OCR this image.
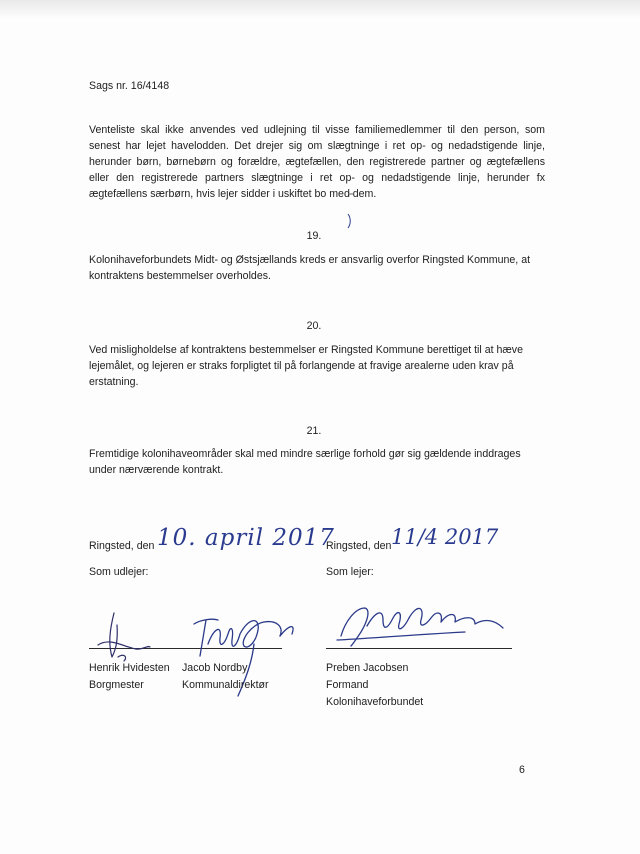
Sags nr. 16/4148

Venteliste skal ikke anvendes ved udlejning til visse familiemedlemmer til den person, som senest har lejet havelodden. Det drejer sig om slægtninge i ret op- og nedadstigende linje, herunder børn, børnebørn og forældre, ægtefællen, den registrerede partner og ægtefællens eller den registrerede partners slægtninge i ret op- og nedadstigende linje, herunder fx ægtefællens særbørn, hvis lejer sidder i uskiftet bo med dem.

19.

Kolonihaveforbundets Midt- og Østsjællands kreds er ansvarlig overfor Ringsted Kommune, at kontraktens bestemmelser overholdes.

20.

Ved misligholdelse af kontraktens bestemmelser er Ringsted Kommune berettiget til at hæve lejemålet, og lejeren er straks forpligtet til på forlangende at fravige arealerne uden krav på erstatning.

21.

Fremtidige kolonihaveområder skal med mindre særlige forhold gør sig gældende inddrages under nærværende kontrakt.

Ringsted, den 10. april 2017
Som udlejer:
Ringsted, den 11/4 2017
Som lejer:
Henrik Hvidesten
Borgmester
Jacob Nordby
Kommunaldirektør
Preben Jacobsen
Formand
Kolonihaveforbundet
6
